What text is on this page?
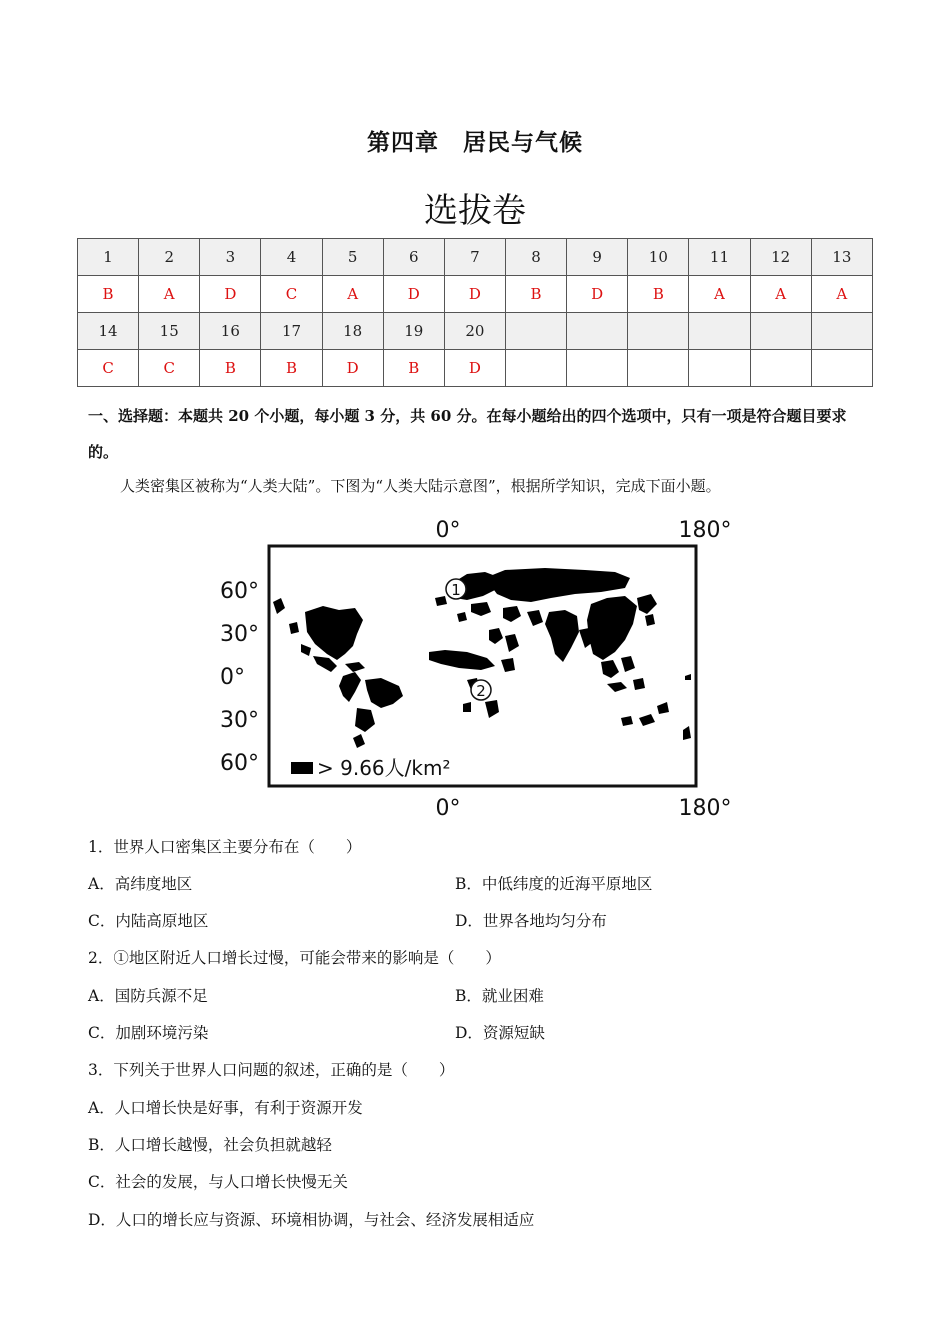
第四章　居民与气候
选拔卷
1	2	3	4	5	6	7	8	9	10	11	12	13
B	A	D	C	A	D	D	B	D	B	A	A	A
14	15	16	17	18	19	20						
C	C	B	B	D	B	D						
一、选择题：本题共 20 个小题，每小题 3 分，共 60 分。在每小题给出的四个选项中，只有一项是符合题目要求的。
人类密集区被称为“人类大陆”。下图为“人类大陆示意图”，根据所学知识，完成下面小题。
0°	180°
0°	180°
60°
30°
0°
30°
60°
1
2
> 9.66人/km²
1．世界人口密集区主要分布在（　　）
A．高纬度地区	B．中低纬度的近海平原地区
C．内陆高原地区	D．世界各地均匀分布
2．①地区附近人口增长过慢，可能会带来的影响是（　　）
A．国防兵源不足	B．就业困难
C．加剧环境污染	D．资源短缺
3．下列关于世界人口问题的叙述，正确的是（　　）
A．人口增长快是好事，有利于资源开发
B．人口增长越慢，社会负担就越轻
C．社会的发展，与人口增长快慢无关
D．人口的增长应与资源、环境相协调，与社会、经济发展相适应
